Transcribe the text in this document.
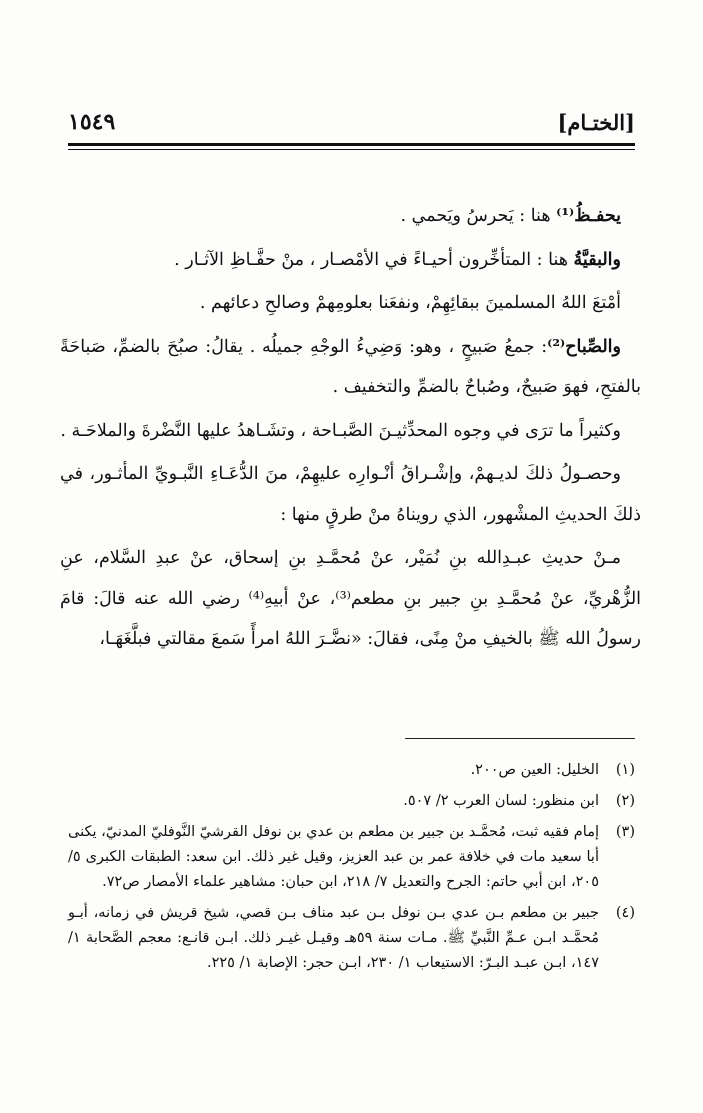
[الختـام]
١٥٤٩

يحفـظُ⁽¹⁾ هنا : يَحرسُ ويَحمي .

والبقيَّةُ هنا : المتأخِّرون أحيـاءً في الأمْصـار ، منْ حفَّـاظِ الآثـار .

أمْتعَ اللهُ المسلمينَ ببقائِهِمْ، ونفعَنا بعلومِهمْ وصالحِ دعائهم .

والصِّباح⁽²⁾: جمعُ صَبيحٍ ، وهو: وَضِيءُ الوجْهِ جميلُه . يقالُ: صبُحَ بالضمِّ، صَباحَةً بالفتحِ، فهوَ صَبيحٌ، وصُباحٌ بالضمِّ والتخفيف .

وكثيراً ما ترَى في وجوه المحدِّثيـنَ الصَّبـاحة ، وتشَـاهدُ عليها النَّضْرةَ والملاحَـة .

وحصـولُ ذلكَ لديـهمْ، وإشْـراقُ أنْـوارِه عليهِمْ، منَ الدُّعَـاءِ النَّبـويِّ المأثـور، في ذلكَ الحديثِ المشْهور، الذي رويناهُ منْ طرقٍ منها :

مـنْ حديثِ عبـدِالله بنِ نُمَيْر، عنْ مُحمَّـدِ بنِ إسحاق، عنْ عبدِ السَّلام، عنِ الزُّهْريِّ، عنْ مُحمَّـدِ بنِ جبير بنِ مطعم⁽³⁾، عنْ أبيهِ⁽⁴⁾ رضي الله عنه قالَ: قامَ رسولُ الله ﷺ بالخيفِ منْ مِنًى، فقالَ: «نضَّـرَ اللهُ امرأً سَمعَ مقالتي فبلَّغَهَـا،

(١)
الخليل: العين ص٢٠٠.
(٢)
ابن منظور: لسان العرب ٢/ ٥٠٧.
(٣)
إمام فقيه ثبت، مُحمَّـد بن جبير بن مطعم بن عدي بن نوفل القرشيّ النَّوفليّ المدنيّ، يكنى أبا سعيد مات في خلافة عمر بن عبد العزيز، وقيل غير ذلك. ابن سعد: الطبقات الكبرى ٥/ ٢٠٥، ابن أبي حاتم: الجرح والتعديل ٧/ ٢١٨، ابن حبان: مشاهير علماء الأمصار ص٧٢.
(٤)
جبير بن مطعم بـن عدي بـن نوفل بـن عبد مناف بـن قصي، شيخ قريش في زمانه، أبـو مُحمَّـد ابـن عـمِّ النَّبيِّ ﷺ. مـات سنة ٥٩هـ وقيـل غيـر ذلك. ابـن قانـع: معجم الصَّحابة ١/ ١٤٧، ابـن عبـد البـرّ: الاستيعاب ١/ ٢٣٠، ابـن حجر: الإصابة ١/ ٢٢٥.
